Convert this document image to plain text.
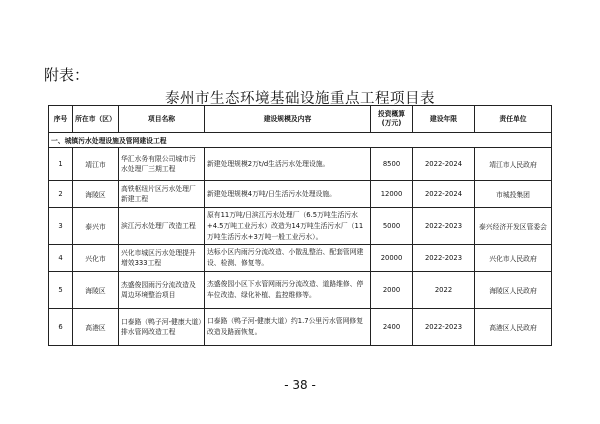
附表：
泰州市生态环境基础设施重点工程项目表
序号	所在市（区）	项目名称	建设规模及内容	投资概算(万元)	建设年限	责任单位
一、城镇污水处理设施及管网建设工程						
1	靖江市	华汇水务有限公司城市污水处理厂三期工程	新建处理规模2万t/d生活污水处理设施。	8500	2022-2024	靖江市人民政府
2	海陵区	高铁枢纽片区污水处理厂新建工程	新建处理规模4万吨/日生活污水处理设施。	12000	2022-2024	市城投集团
3	泰兴市	滨江污水处理厂改造工程	原有11万吨/日滨江污水处理厂（6.5万吨生活污水+4.5万吨工业污水）改造为14万吨生活污水厂（11万吨生活污水+3万吨一般工业污水）。	5000	2022-2023	泰兴经济开发区管委会
4	兴化市	兴化市城区污水处理提升增效333工程	达标小区内雨污分流改造、小散乱整治、配套管网建设、检测、修复等。	20000	2022-2023	兴化市人民政府
5	海陵区	杰盛俊园雨污分流改造及周边环境整治项目	杰盛俊园小区下水管网雨污分流改造、道路维修、停车位改造、绿化补植、监控维修等。	2000	2022	海陵区人民政府
6	高港区	口泰路（鸭子河-健康大道）排水管网改造工程	口泰路（鸭子河-健康大道）约1.7公里污水管网修复改造及路面恢复。	2400	2022-2023	高港区人民政府
- 38 -
